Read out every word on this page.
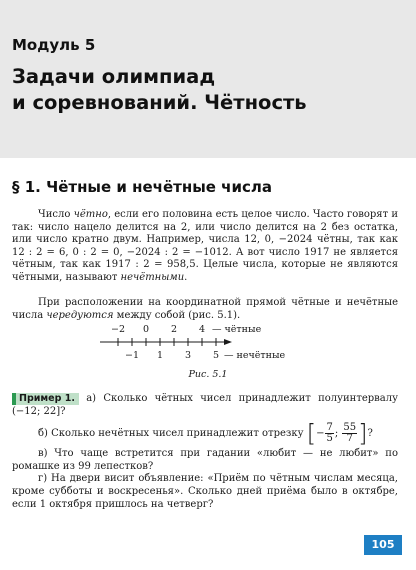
Модуль 5
Задачи олимпиад
и соревнований. Чётность
§ 1. Чётные и нечётные числа

Число чётно, если его половина есть целое число. Часто говорят и так: число нацело делится на 2, или число делится на 2 без остатка, или число кратно двум. Например, числа 12, 0, −2024 чётны, так как 12 : 2 = 6, 0 : 2 = 0, −2024 : 2 = −1012. А вот число 1917 не является чётным, так как 1917 : 2 = 958,5. Целые числа, которые не являются чётными, называют нечётными.

При расположении на координатной прямой чётные и нечётные числа чередуются между собой (рис. 5.1).

−2 0 2 4 — чётные
−1 1 3 5 — нечётные
Рис. 5.1

Пример 1. а) Сколько чётных чисел принадлежит полуинтервалу (−12; 22]?

б) Сколько нечётных чисел принадлежит отрезку [− $\frac{7}{5}$ ; $\frac{55}{7}$ ]?

в) Что чаще встретится при гадании «любит — не любит» по ромашке из 99 лепестков?

г) На двери висит объявление: «Приём по чётным числам месяца, кроме субботы и воскресенья». Сколько дней приёма было в октябре, если 1 октября пришлось на четверг?

105
